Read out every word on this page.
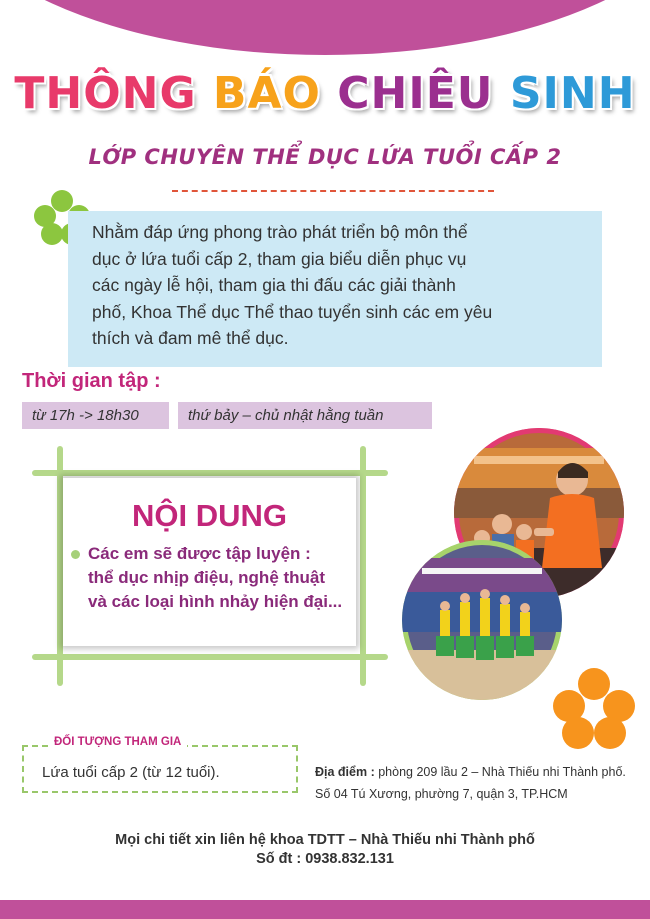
THÔNG BÁO CHIÊU SINH
LỚP CHUYÊN THỂ DỤC LỨA TUỔI CẤP 2

Nhằm đáp ứng phong trào phát triển bộ môn thể
dục ở lứa tuổi cấp 2, tham gia biểu diễn phục vụ
các ngày lễ hội, tham gia thi đấu các giải thành
phố, Khoa Thể dục Thể thao tuyển sinh các em yêu
thích và đam mê thể dục.

Thời gian tập :
từ 17h -> 18h30	thứ bảy – chủ nhật hằng tuần
NỘI DUNG
Các em sẽ được tập luyện :
thể dục nhịp điệu, nghệ thuật
và các loại hình nhảy hiện đại...
ĐỐI TƯỢNG THAM GIA
Lứa tuổi cấp 2 (từ 12 tuổi).	Địa điểm : phòng 209 lầu 2 – Nhà Thiếu nhi Thành phố.
Số 04 Tú Xương, phường 7, quận 3, TP.HCM
Mọi chi tiết xin liên hệ khoa TDTT – Nhà Thiếu nhi Thành phố
Số đt : 0938.832.131
